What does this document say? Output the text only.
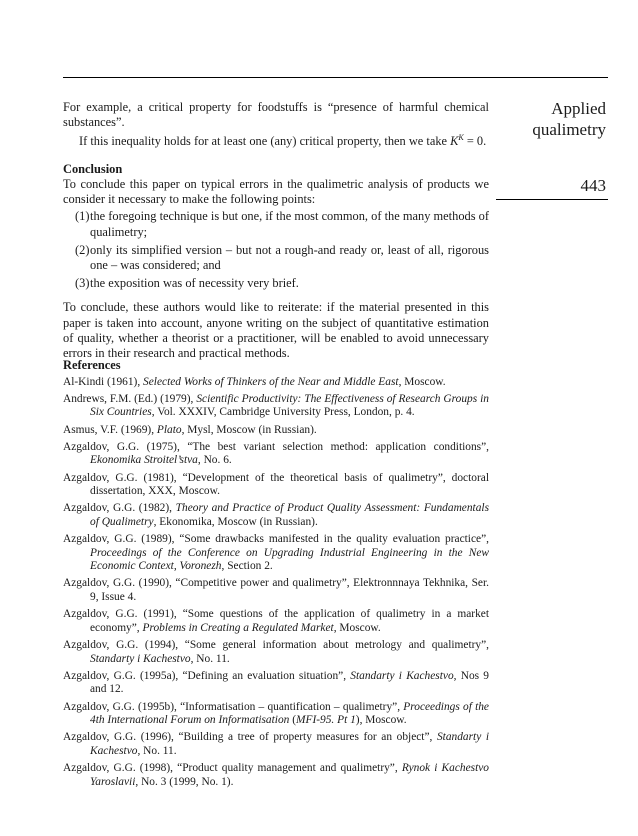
Applied
qualimetry
443

For example, a critical property for foodstuffs is “presence of harmful chemical substances”.

If this inequality holds for at least one (any) critical property, then we take $K^K = 0$.

Conclusion

To conclude this paper on typical errors in the qualimetric analysis of products we consider it necessary to make the following points:

(1) the foregoing technique is but one, if the most common, of the many methods of qualimetry;
(2) only its simplified version – but not a rough-and ready or, least of all, rigorous one – was considered; and
(3) the exposition was of necessity very brief.

To conclude, these authors would like to reiterate: if the material presented in this paper is taken into account, anyone writing on the subject of quantitative estimation of quality, whether a theorist or a practitioner, will be enabled to avoid unnecessary errors in their research and practical methods.

References
Al-Kindi (1961), Selected Works of Thinkers of the Near and Middle East, Moscow.
Andrews, F.M. (Ed.) (1979), Scientific Productivity: The Effectiveness of Research Groups in Six Countries, Vol. XXXIV, Cambridge University Press, London, p. 4.
Asmus, V.F. (1969), Plato, Mysl, Moscow (in Russian).
Azgaldov, G.G. (1975), “The best variant selection method: application conditions”, Ekonomika Stroitel’stva, No. 6.
Azgaldov, G.G. (1981), “Development of the theoretical basis of qualimetry”, doctoral dissertation, XXX, Moscow.
Azgaldov, G.G. (1982), Theory and Practice of Product Quality Assessment: Fundamentals of Qualimetry, Ekonomika, Moscow (in Russian).
Azgaldov, G.G. (1989), “Some drawbacks manifested in the quality evaluation practice”, Proceedings of the Conference on Upgrading Industrial Engineering in the New Economic Context, Voronezh, Section 2.
Azgaldov, G.G. (1990), “Competitive power and qualimetry”, Elektronnnaya Tekhnika, Ser. 9, Issue 4.
Azgaldov, G.G. (1991), “Some questions of the application of qualimetry in a market economy”, Problems in Creating a Regulated Market, Moscow.
Azgaldov, G.G. (1994), “Some general information about metrology and qualimetry”, Standarty i Kachestvo, No. 11.
Azgaldov, G.G. (1995a), “Defining an evaluation situation”, Standarty i Kachestvo, Nos 9 and 12.
Azgaldov, G.G. (1995b), “Informatisation – quantification – qualimetry”, Proceedings of the 4th International Forum on Informatisation (MFI-95. Pt 1), Moscow.
Azgaldov, G.G. (1996), “Building a tree of property measures for an object”, Standarty i Kachestvo, No. 11.
Azgaldov, G.G. (1998), “Product quality management and qualimetry”, Rynok i Kachestvo Yaroslavii, No. 3 (1999, No. 1).
